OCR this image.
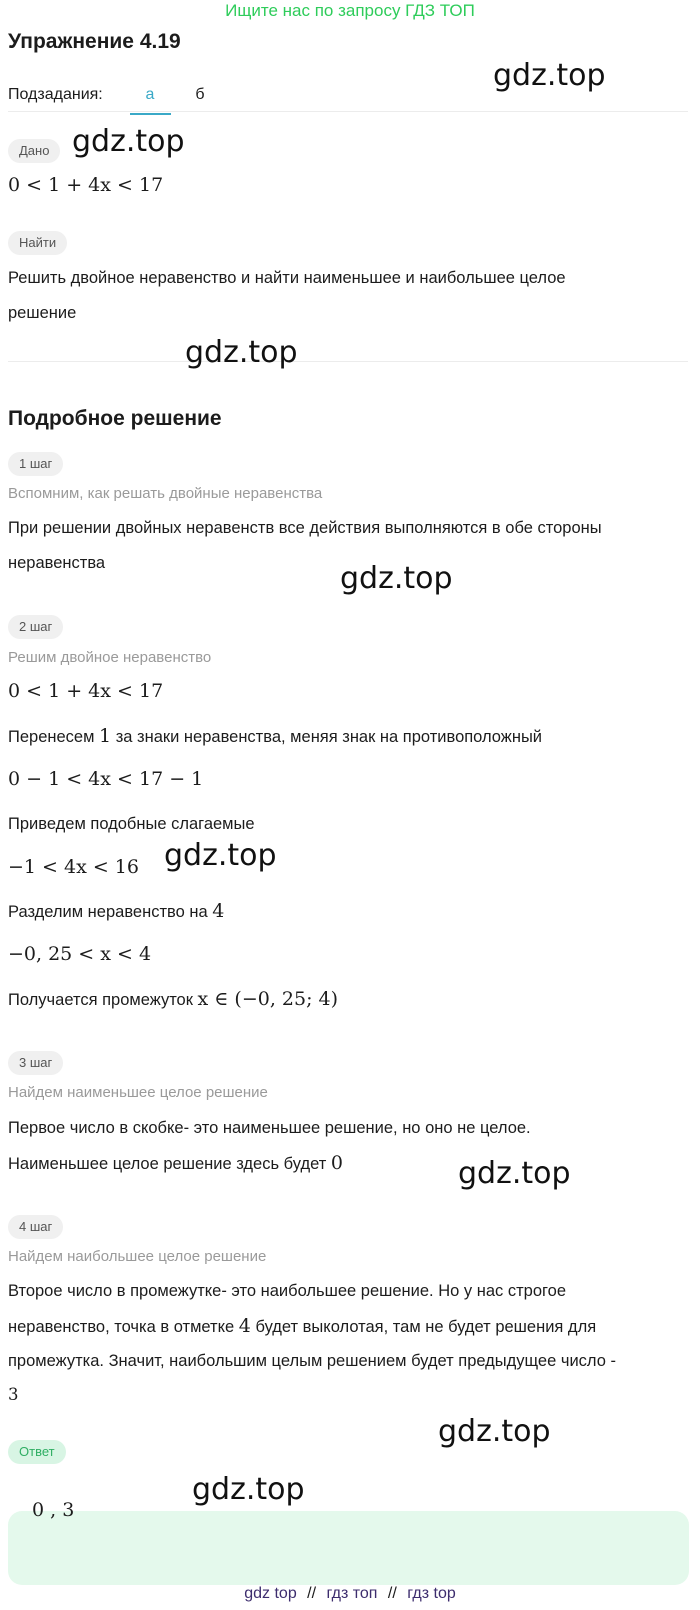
Ищите нас по запросу ГДЗ ТОП
Упражнение 4.19
Подзадания:	а	б
Дано
0 < 1 + 4x < 17
Найти
Решить двойное неравенство и найти наименьшее и наибольшее целое
решение
Подробное решение
1 шаг
Вспомним, как решать двойные неравенства
При решении двойных неравенств все действия выполняются в обе стороны
неравенства
2 шаг
Решим двойное неравенство
0 < 1 + 4x < 17
Перенесем 1 за знаки неравенства, меняя знак на противоположный
0 − 1 < 4x < 17 − 1
Приведем подобные слагаемые
−1 < 4x < 16
Разделим неравенство на 4
−0, 25 < x < 4
Получается промежуток x ∈ (−0, 25; 4)
3 шаг
Найдем наименьшее целое решение
Первое число в скобке- это наименьшее решение, но оно не целое.
Наименьшее целое решение здесь будет 0
4 шаг
Найдем наибольшее целое решение
Второе число в промежутке- это наибольшее решение. Но у нас строгое
неравенство, точка в отметке 4 будет выколотая, там не будет решения для
промежутка. Значит, наибольшим целым решением будет предыдущее число -
3
Ответ
0 , 3
gdz.top
gdz.top
gdz.top
gdz.top
gdz.top
gdz.top
gdz.top
gdz.top
gdz top // гдз топ // гдз top
